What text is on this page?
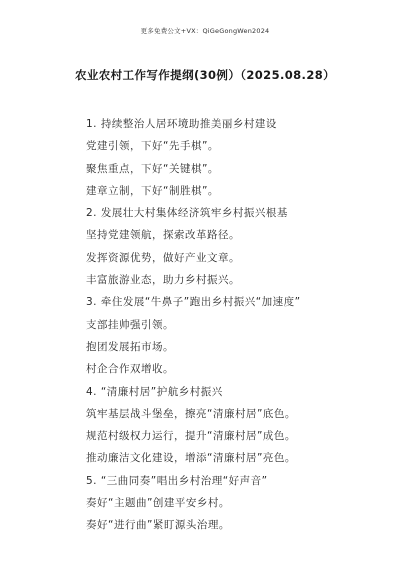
更多免费公文+VX：QiGeGongWen2024
农业农村工作写作提纲(30例）（2025.08.28）
1. 持续整治人居环境助推美丽乡村建设
党建引领，下好“先手棋”。
聚焦重点，下好“关键棋”。
建章立制，下好“制胜棋”。
2. 发展壮大村集体经济筑牢乡村振兴根基
坚持党建领航，探索改革路径。
发挥资源优势，做好产业文章。
丰富旅游业态，助力乡村振兴。
3. 牵住发展“牛鼻子”跑出乡村振兴“加速度”
支部挂帅强引领。
抱团发展拓市场。
村企合作双增收。
4. “清廉村居”护航乡村振兴
筑牢基层战斗堡垒，擦亮“清廉村居”底色。
规范村级权力运行，提升“清廉村居”成色。
推动廉洁文化建设，增添“清廉村居”亮色。
5. “三曲同奏”唱出乡村治理“好声音”
奏好“主题曲”创建平安乡村。
奏好“进行曲”紧盯源头治理。
